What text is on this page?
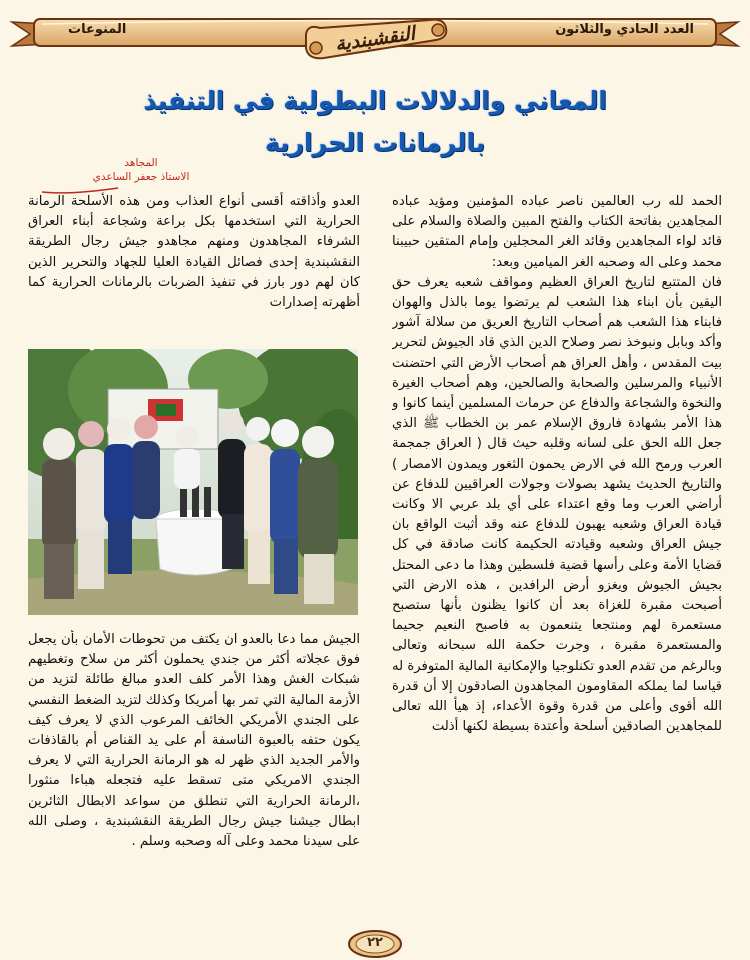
العدد الحادي والثلاثون
المنوعات	النقشبندية
المعاني والدلالات البطولية في التنفيذ
بالرمانات الحرارية
المجاهد
الاستاذ جعفر الساعدي

الحمد لله رب العالمين ناصر عباده المؤمنين ومؤيد عباده المجاهدين بفاتحة الكتاب والفتح المبين والصلاة والسلام على قائد لواء المجاهدين وقائد الغر المحجلين وإمام المتقين حبيبنا محمد وعلى اله وصحبه الغر الميامين وبعد:

فان المتتبع لتاريخ العراق العظيم ومواقف شعبه يعرف حق اليقين بأن ابناء هذا الشعب لم يرتضوا يوما بالذل والهوان فابناء هذا الشعب هم أصحاب التاريخ العريق من سلالة آشور وأكد وبابل ونبوخذ نصر وصلاح الدين الذي قاد الجيوش لتحرير بيت المقدس ، وأهل العراق هم أصحاب الأرض التي احتضنت الأنبياء والمرسلين والصحابة والصالحين، وهم أصحاب الغيرة والنخوة والشجاعة والدفاع عن حرمات المسلمين أينما كانوا و هذا الأمر بشهادة فاروق الإسلام عمر بن الخطاب ﷺ الذي جعل الله الحق على لسانه وقلبه حيث قال ( العراق جمجمة العرب ورمح الله في الارض يحمون الثغور ويمدون الامصار ) والتاريخ الحديث يشهد بصولات وجولات العراقيين للدفاع عن أراضي العرب وما وقع اعتداء على أي بلد عربي الا وكانت قيادة العراق وشعبه يهبون للدفاع عنه وقد أثبت الواقع بان جيش العراق وشعبه وقيادته الحكيمة كانت صادقة في كل قضايا الأمة وعلى رأسها قضية فلسطين وهذا ما دعى المحتل بجيش الجيوش ويغزو أرض الرافدين ، هذه الارض التي أصبحت مقبرة للغزاة بعد أن كانوا يظنون بأنها ستصبح مستعمرة لهم ومنتجعا يتنعمون به فاصبح النعيم جحيما والمستعمرة مقبرة ، وجرت حكمة الله سبحانه وتعالى وبالرغم من تقدم العدو تكنلوجيا والإمكانية المالية المتوفرة له قياسا لما يملكه المقاومون المجاهدون الصادقون إلا أن قدرة الله أقوى وأعلى من قدرة وقوة الأعداء، إذ هيأ الله تعالى للمجاهدين الصادقين أسلحة وأعتدة بسيطة لكنها أذلت

العدو وأذاقته أقسى أنواع العذاب ومن هذه الأسلحة الرمانة الحرارية التي استخدمها بكل براعة وشجاعة أبناء العراق الشرفاء المجاهدون ومنهم مجاهدو جيش رجال الطريقة النقشبندية إحدى فصائل القيادة العليا للجهاد والتحرير الذين كان لهم دور بارز في تنفيذ الضربات بالرمانات الحرارية كما أظهرته إصدارات

الجيش مما دعا بالعدو ان يكتف من تحوطات الأمان بأن يجعل فوق عجلاته أكثر من جندي يحملون أكثر من سلاح وتغطيهم شبكات الغش وهذا الأمر كلف العدو مبالغ طائلة لتزيد من الأزمة المالية التي تمر بها أمريكا وكذلك لتزيد الضغط النفسي على الجندي الأمريكي الخائف المرعوب الذي لا يعرف كيف يكون حتفه بالعبوة الناسفة أم على يد القناص أم بالقاذفات والأمر الجديد الذي ظهر له هو الرمانة الحرارية التي لا يعرف الجندي الامريكي متى تسقط عليه فتجعله هباءا منثورا ،الرمانة الحرارية التي تنطلق من سواعد الابطال الثائرين ابطال جيشنا جيش رجال الطريقة النقشبندية ، وصلى الله على سيدنا محمد وعلى آله وصحبه وسلم .

٢٢
